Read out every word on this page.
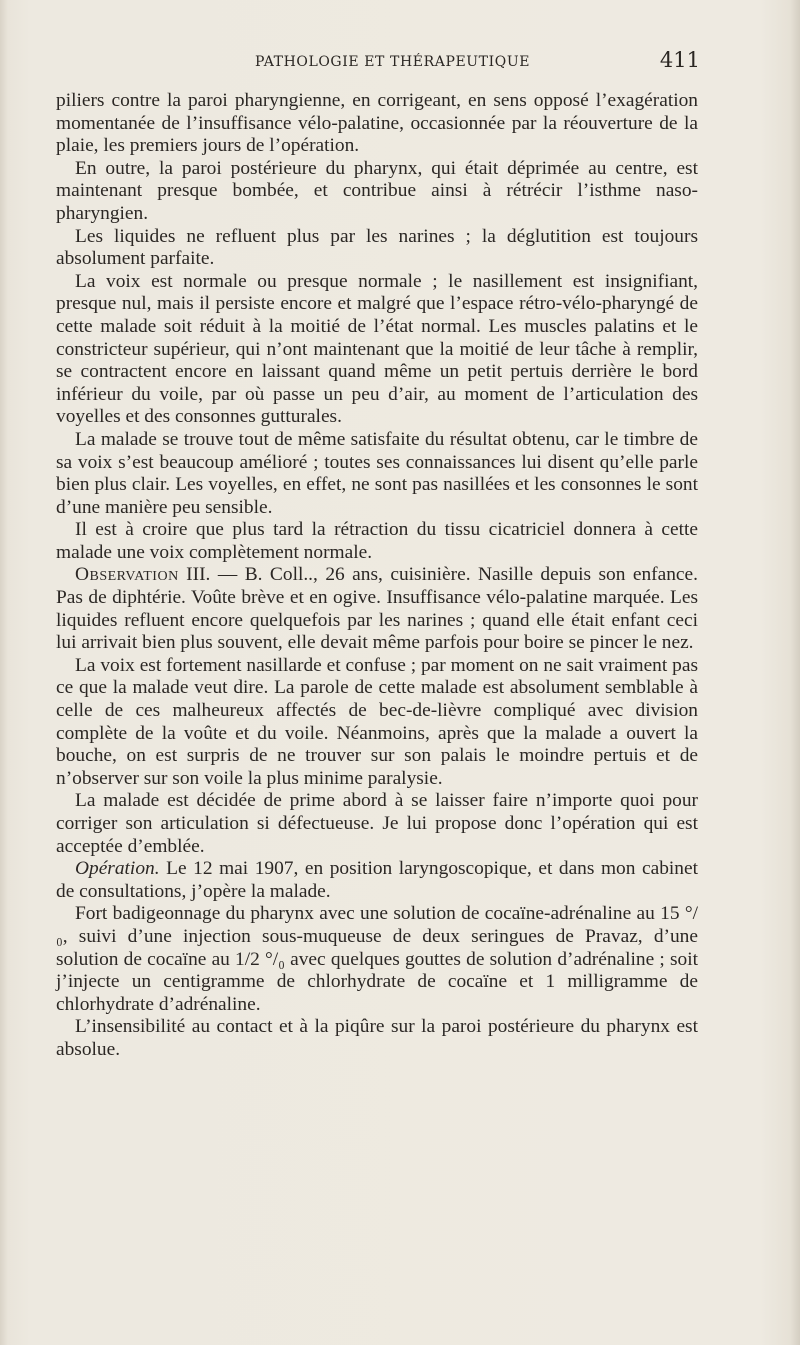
PATHOLOGIE ET THÉRAPEUTIQUE	411

piliers contre la paroi pharyngienne, en corrigeant, en sens opposé l’exagération momentanée de l’insuffisance vélo-palatine, occasionnée par la réouverture de la plaie, les premiers jours de l’opération.

En outre, la paroi postérieure du pharynx, qui était déprimée au centre, est maintenant presque bombée, et contribue ainsi à rétrécir l’isthme naso-pharyngien.

Les liquides ne refluent plus par les narines ; la déglutition est toujours absolument parfaite.

La voix est normale ou presque normale ; le nasillement est insignifiant, presque nul, mais il persiste encore et malgré que l’espace rétro-vélo-pharyngé de cette malade soit réduit à la moitié de l’état normal. Les muscles palatins et le constricteur supérieur, qui n’ont maintenant que la moitié de leur tâche à remplir, se contractent encore en laissant quand même un petit pertuis derrière le bord inférieur du voile, par où passe un peu d’air, au moment de l’articulation des voyelles et des consonnes gutturales.

La malade se trouve tout de même satisfaite du résultat obtenu, car le timbre de sa voix s’est beaucoup amélioré ; toutes ses connaissances lui disent qu’elle parle bien plus clair. Les voyelles, en effet, ne sont pas nasillées et les consonnes le sont d’une manière peu sensible.

Il est à croire que plus tard la rétraction du tissu cicatriciel donnera à cette malade une voix complètement normale.

Observation III. — B. Coll.., 26 ans, cuisinière. Nasille depuis son enfance. Pas de diphtérie. Voûte brève et en ogive. Insuffisance vélo-palatine marquée. Les liquides refluent encore quelquefois par les narines ; quand elle était enfant ceci lui arrivait bien plus souvent, elle devait même parfois pour boire se pincer le nez.

La voix est fortement nasillarde et confuse ; par moment on ne sait vraiment pas ce que la malade veut dire. La parole de cette malade est absolument semblable à celle de ces malheureux affectés de bec-de-lièvre compliqué avec division complète de la voûte et du voile. Néanmoins, après que la malade a ouvert la bouche, on est surpris de ne trouver sur son palais le moindre pertuis et de n’observer sur son voile la plus minime paralysie.

La malade est décidée de prime abord à se laisser faire n’importe quoi pour corriger son articulation si défectueuse. Je lui propose donc l’opération qui est acceptée d’emblée.

Opération. Le 12 mai 1907, en position laryngoscopique, et dans mon cabinet de consultations, j’opère la malade.

Fort badigeonnage du pharynx avec une solution de cocaïne-adrénaline au 15 °/₀, suivi d’une injection sous-muqueuse de deux seringues de Pravaz, d’une solution de cocaïne au 1/2 °/₀ avec quelques gouttes de solution d’adrénaline ; soit j’injecte un centigramme de chlorhydrate de cocaïne et 1 milligramme de chlorhydrate d’adrénaline.

L’insensibilité au contact et à la piqûre sur la paroi postérieure du pharynx est absolue.
